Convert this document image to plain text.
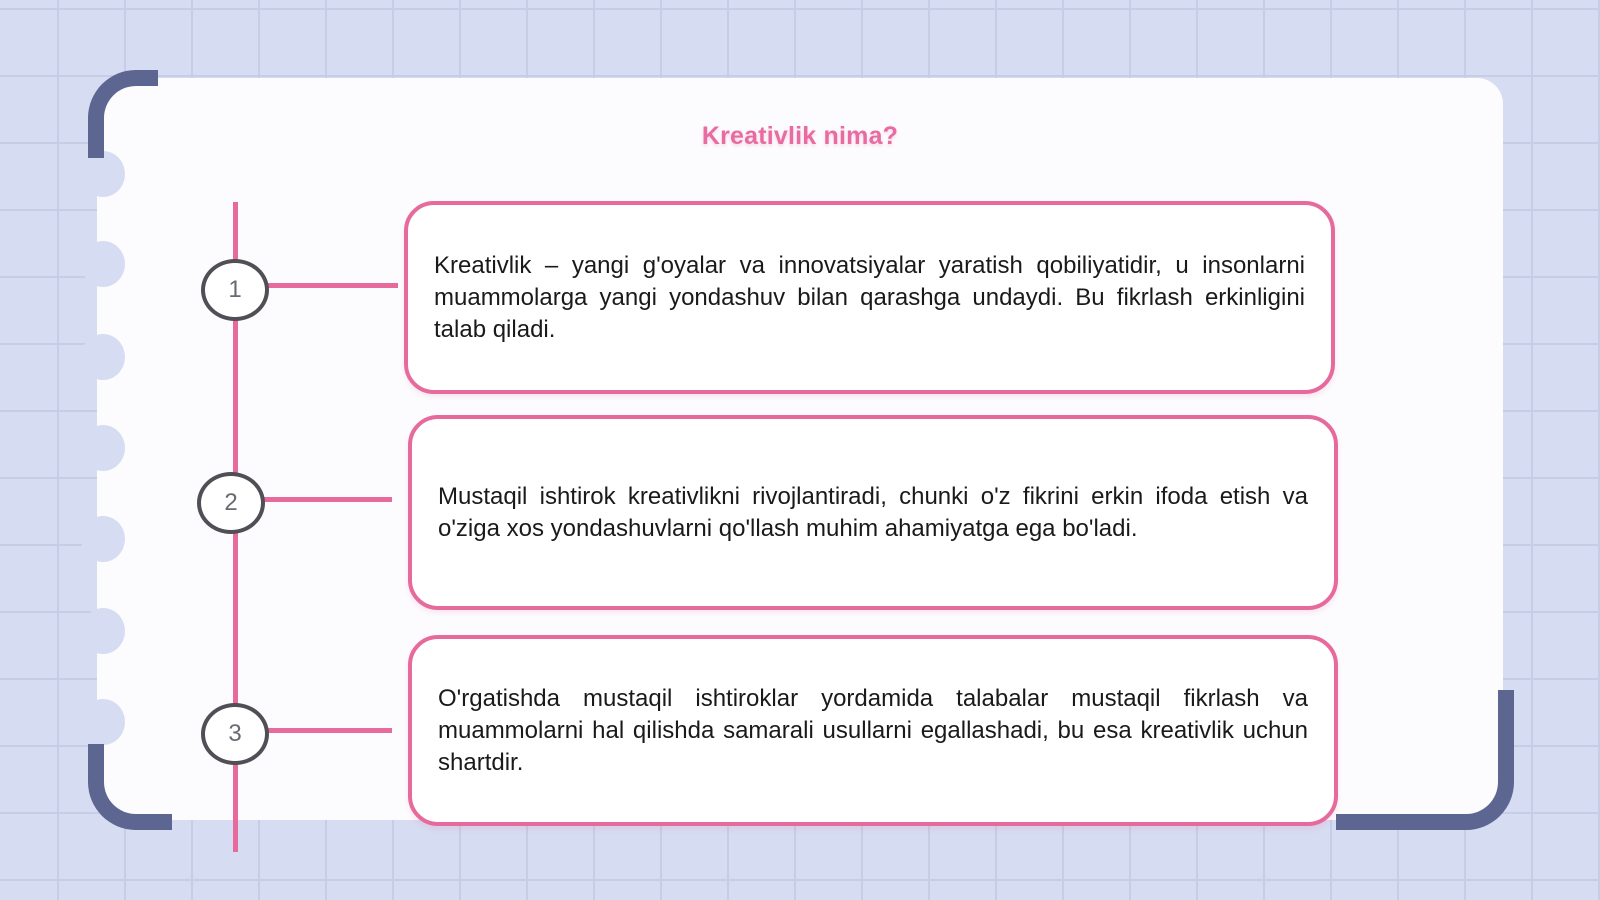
Kreativlik nima?
1
Kreativlik – yangi g'oyalar va innovatsiyalar yaratish qobiliyatidir, u insonlarni muammolarga yangi yondashuv bilan qarashga undaydi. Bu fikrlash erkinligini talab qiladi.
2	Mustaqil ishtirok kreativlikni rivojlantiradi, chunki o'z fikrini erkin ifoda etish va o'ziga xos yondashuvlarni qo'llash muhim ahamiyatga ega bo'ladi.
3
O'rgatishda mustaqil ishtiroklar yordamida talabalar mustaqil fikrlash va muammolarni hal qilishda samarali usullarni egallashadi, bu esa kreativlik uchun shartdir.
